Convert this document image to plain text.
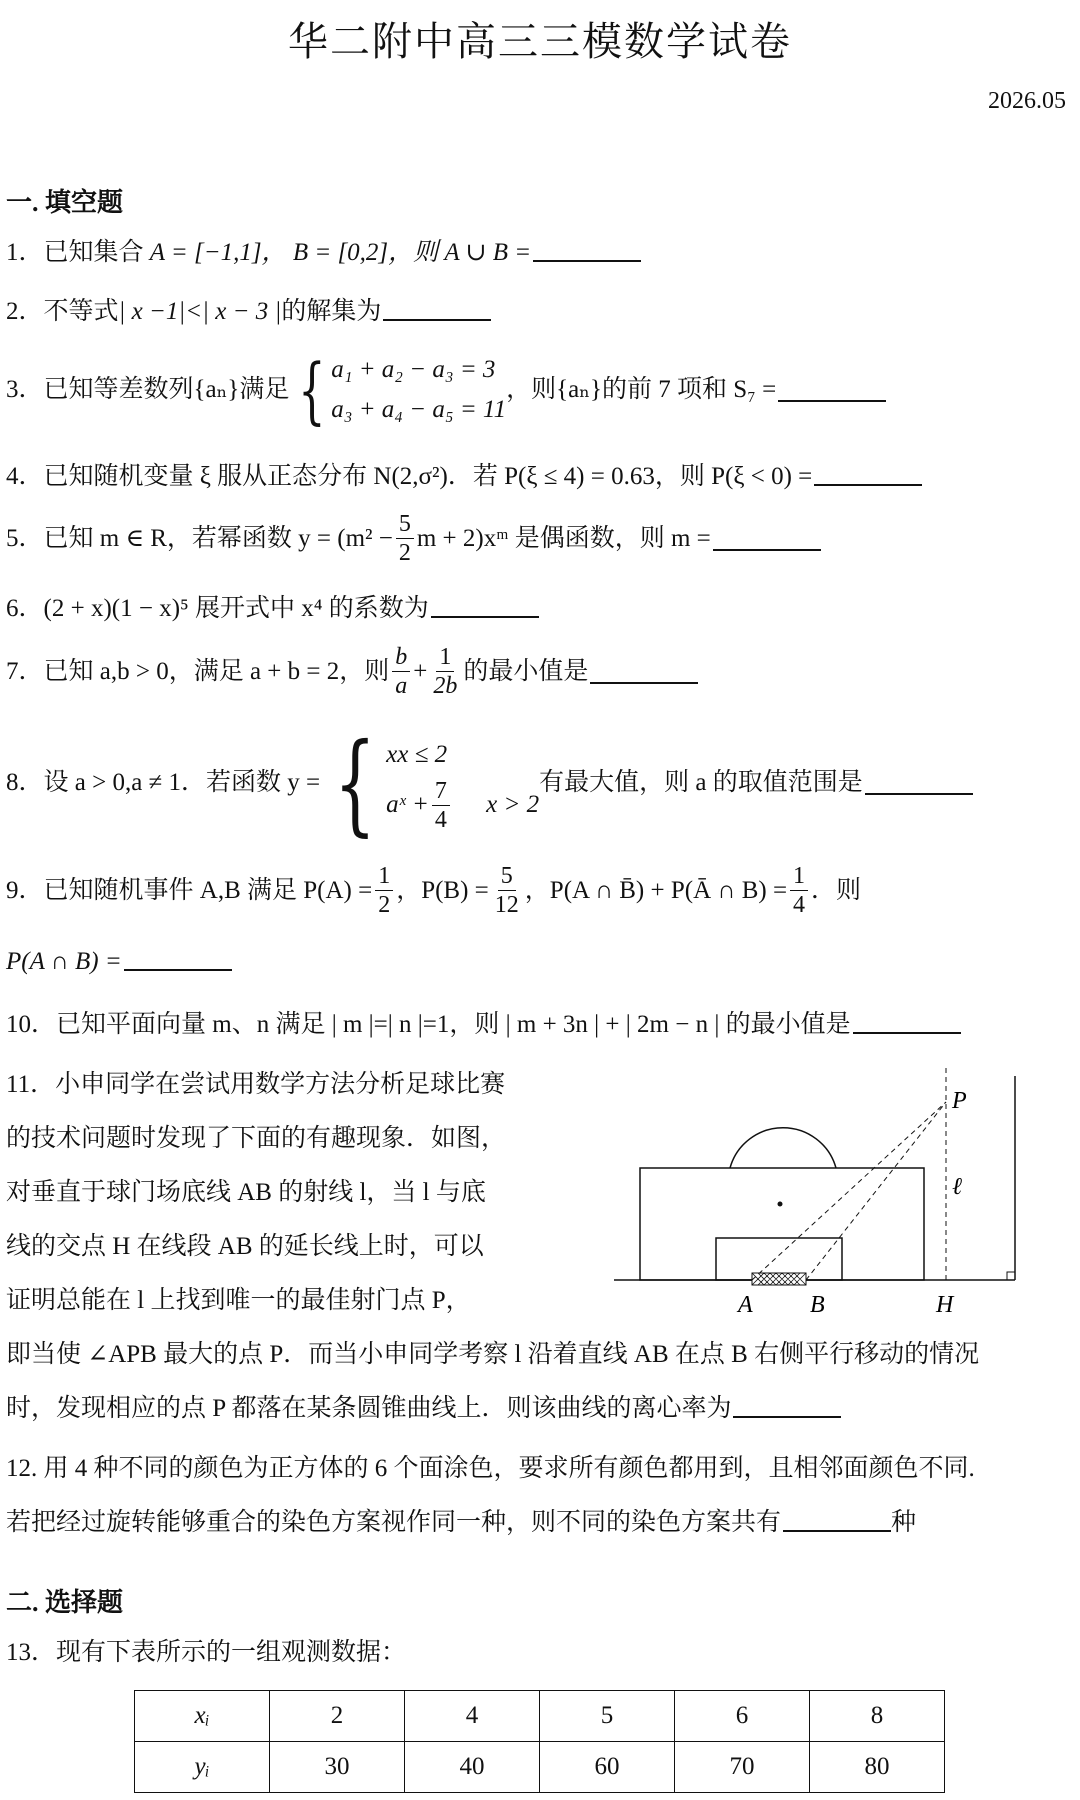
华二附中高三三模数学试卷
2026.05
一. 填空题
1．已知集合 A = [−1,1]， B = [0,2]，则 A ∪ B =
2．不等式| x −1|<| x − 3 |的解集为
3． 已知等差数列{aₙ}满足 { a₁ + a₂ − a₃ = 3
a₃ + a₄ − a₅ = 11
，则{aₙ}的前 7 项和 S₇ =
4．已知随机变量 ξ 服从正态分布 N(2,σ²)．若 P(ξ ≤ 4) = 0.63，则 P(ξ < 0) =
5． 已知 m ∈ R，若幂函数 $y = (m^2 - \frac{5}{2}$ m + 2)xᵐ 是偶函数，则 m =
6．(2 + x)(1 − x)⁵ 展开式中 x⁴ 的系数为
7． 已知 a,b > 0，满足 a + b = 2，则 $\frac{b}{a} + \frac{1}{2b}$ 的最小值是
8． 设 a > 0,a ≠ 1．若函数 y = { x x ≤ 2
aˣ + $\frac{7}{4}$ x > 2
有最大值，则 a 的取值范围是
9． 已知随机事件 A,B 满足 $P(A) = \frac{1}{2}$ ，$P(B) = \frac{5}{12}$ ，P(A ∩ B̄) + P(Ā ∩ $B) = \frac{1}{4}$ ．则
P(A ∩ B) =
10．已知平面向量 m、n 满足 | m |=| n |=1，则 | m + 3n | + | 2m − n | 的最小值是
11．小申同学在尝试用数学方法分析足球比赛
的技术问题时发现了下面的有趣现象．如图，
对垂直于球门场底线 AB 的射线 l，当 l 与底
线的交点 H 在线段 AB 的延长线上时，可以
证明总能在 l 上找到唯一的最佳射门点 P，
即当使 ∠APB 最大的点 P．而当小申同学考察 l 沿着直线 AB 在点 B 右侧平行移动的情况
时，发现相应的点 P 都落在某条圆锥曲线上．则该曲线的离心率为
P
ℓ
A B	H
12. 用 4 种不同的颜色为正方体的 6 个面涂色，要求所有颜色都用到，且相邻面颜色不同.
若把经过旋转能够重合的染色方案视作同一种，则不同的染色方案共有	种
二. 选择题
13．现有下表所示的一组观测数据：
xᵢ	2	4	5	6	8
yᵢ	30	40	60	70	80
